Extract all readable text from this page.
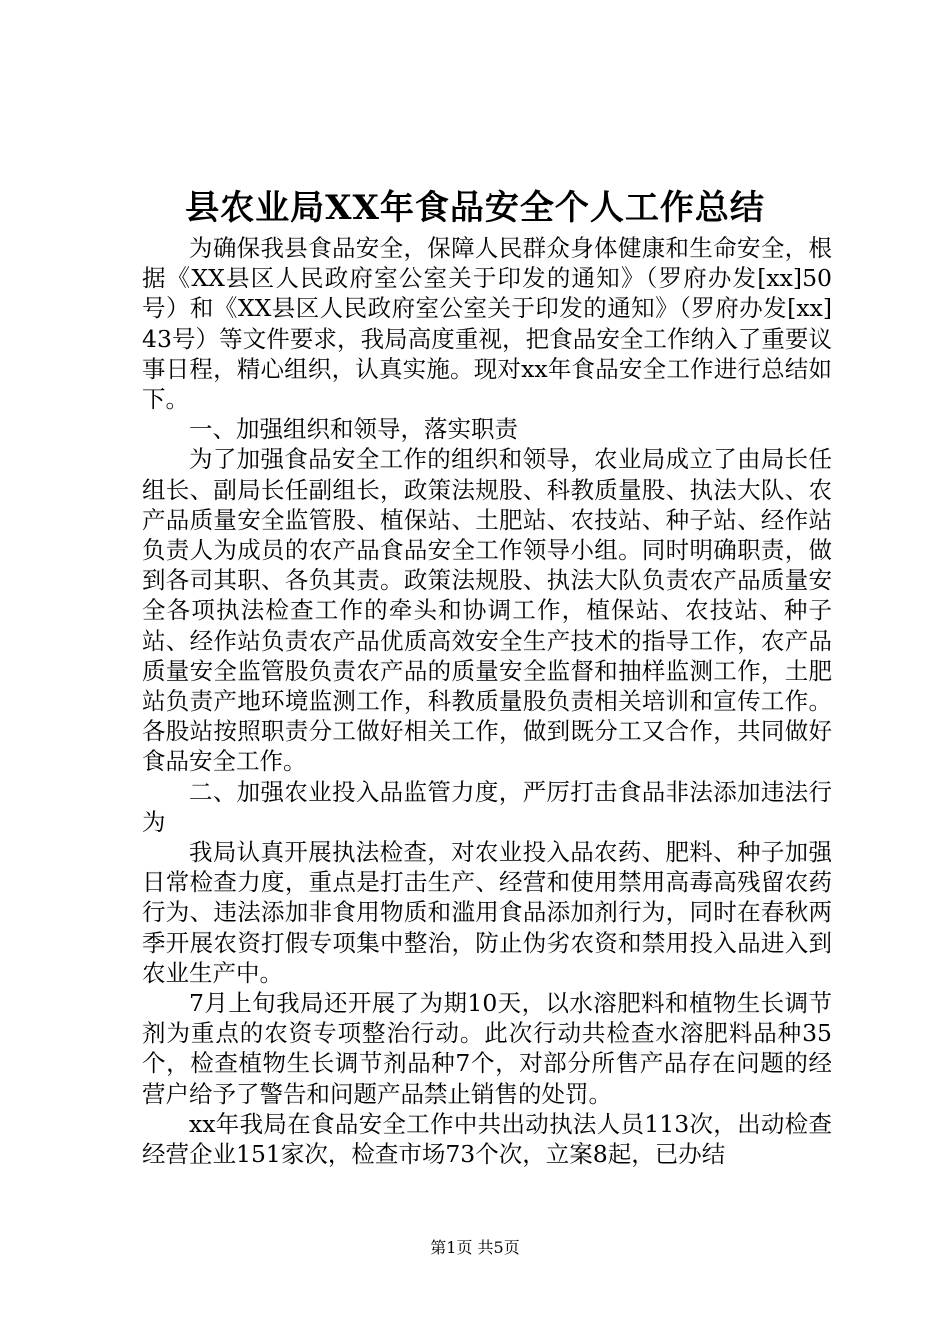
县农业局XX年食品安全个人工作总结

为确保我县食品安全，保障人民群众身体健康和生命安全，根据《XX县区人民政府室公室关于印发的通知》（罗府办发[xx]50号）和《XX县区人民政府室公室关于印发的通知》（罗府办发[xx]43号）等文件要求，我局高度重视，把食品安全工作纳入了重要议事日程，精心组织，认真实施。现对xx年食品安全工作进行总结如下。

一、加强组织和领导，落实职责

为了加强食品安全工作的组织和领导，农业局成立了由局长任组长、副局长任副组长，政策法规股、科教质量股、执法大队、农产品质量安全监管股、植保站、土肥站、农技站、种子站、经作站负责人为成员的农产品食品安全工作领导小组。同时明确职责，做到各司其职、各负其责。政策法规股、执法大队负责农产品质量安全各项执法检查工作的牵头和协调工作，植保站、农技站、种子站、经作站负责农产品优质高效安全生产技术的指导工作，农产品质量安全监管股负责农产品的质量安全监督和抽样监测工作，土肥站负责产地环境监测工作，科教质量股负责相关培训和宣传工作。各股站按照职责分工做好相关工作，做到既分工又合作，共同做好食品安全工作。

二、加强农业投入品监管力度，严厉打击食品非法添加违法行为

我局认真开展执法检查，对农业投入品农药、肥料、种子加强日常检查力度，重点是打击生产、经营和使用禁用高毒高残留农药行为、违法添加非食用物质和滥用食品添加剂行为，同时在春秋两季开展农资打假专项集中整治，防止伪劣农资和禁用投入品进入到农业生产中。

7月上旬我局还开展了为期10天，以水溶肥料和植物生长调节剂为重点的农资专项整治行动。此次行动共检查水溶肥料品种35个，检查植物生长调节剂品种7个，对部分所售产品存在问题的经营户给予了警告和问题产品禁止销售的处罚。

xx年我局在食品安全工作中共出动执法人员113次，出动检查经营企业151家次，检查市场73个次，立案8起，已办结

第1页 共5页
